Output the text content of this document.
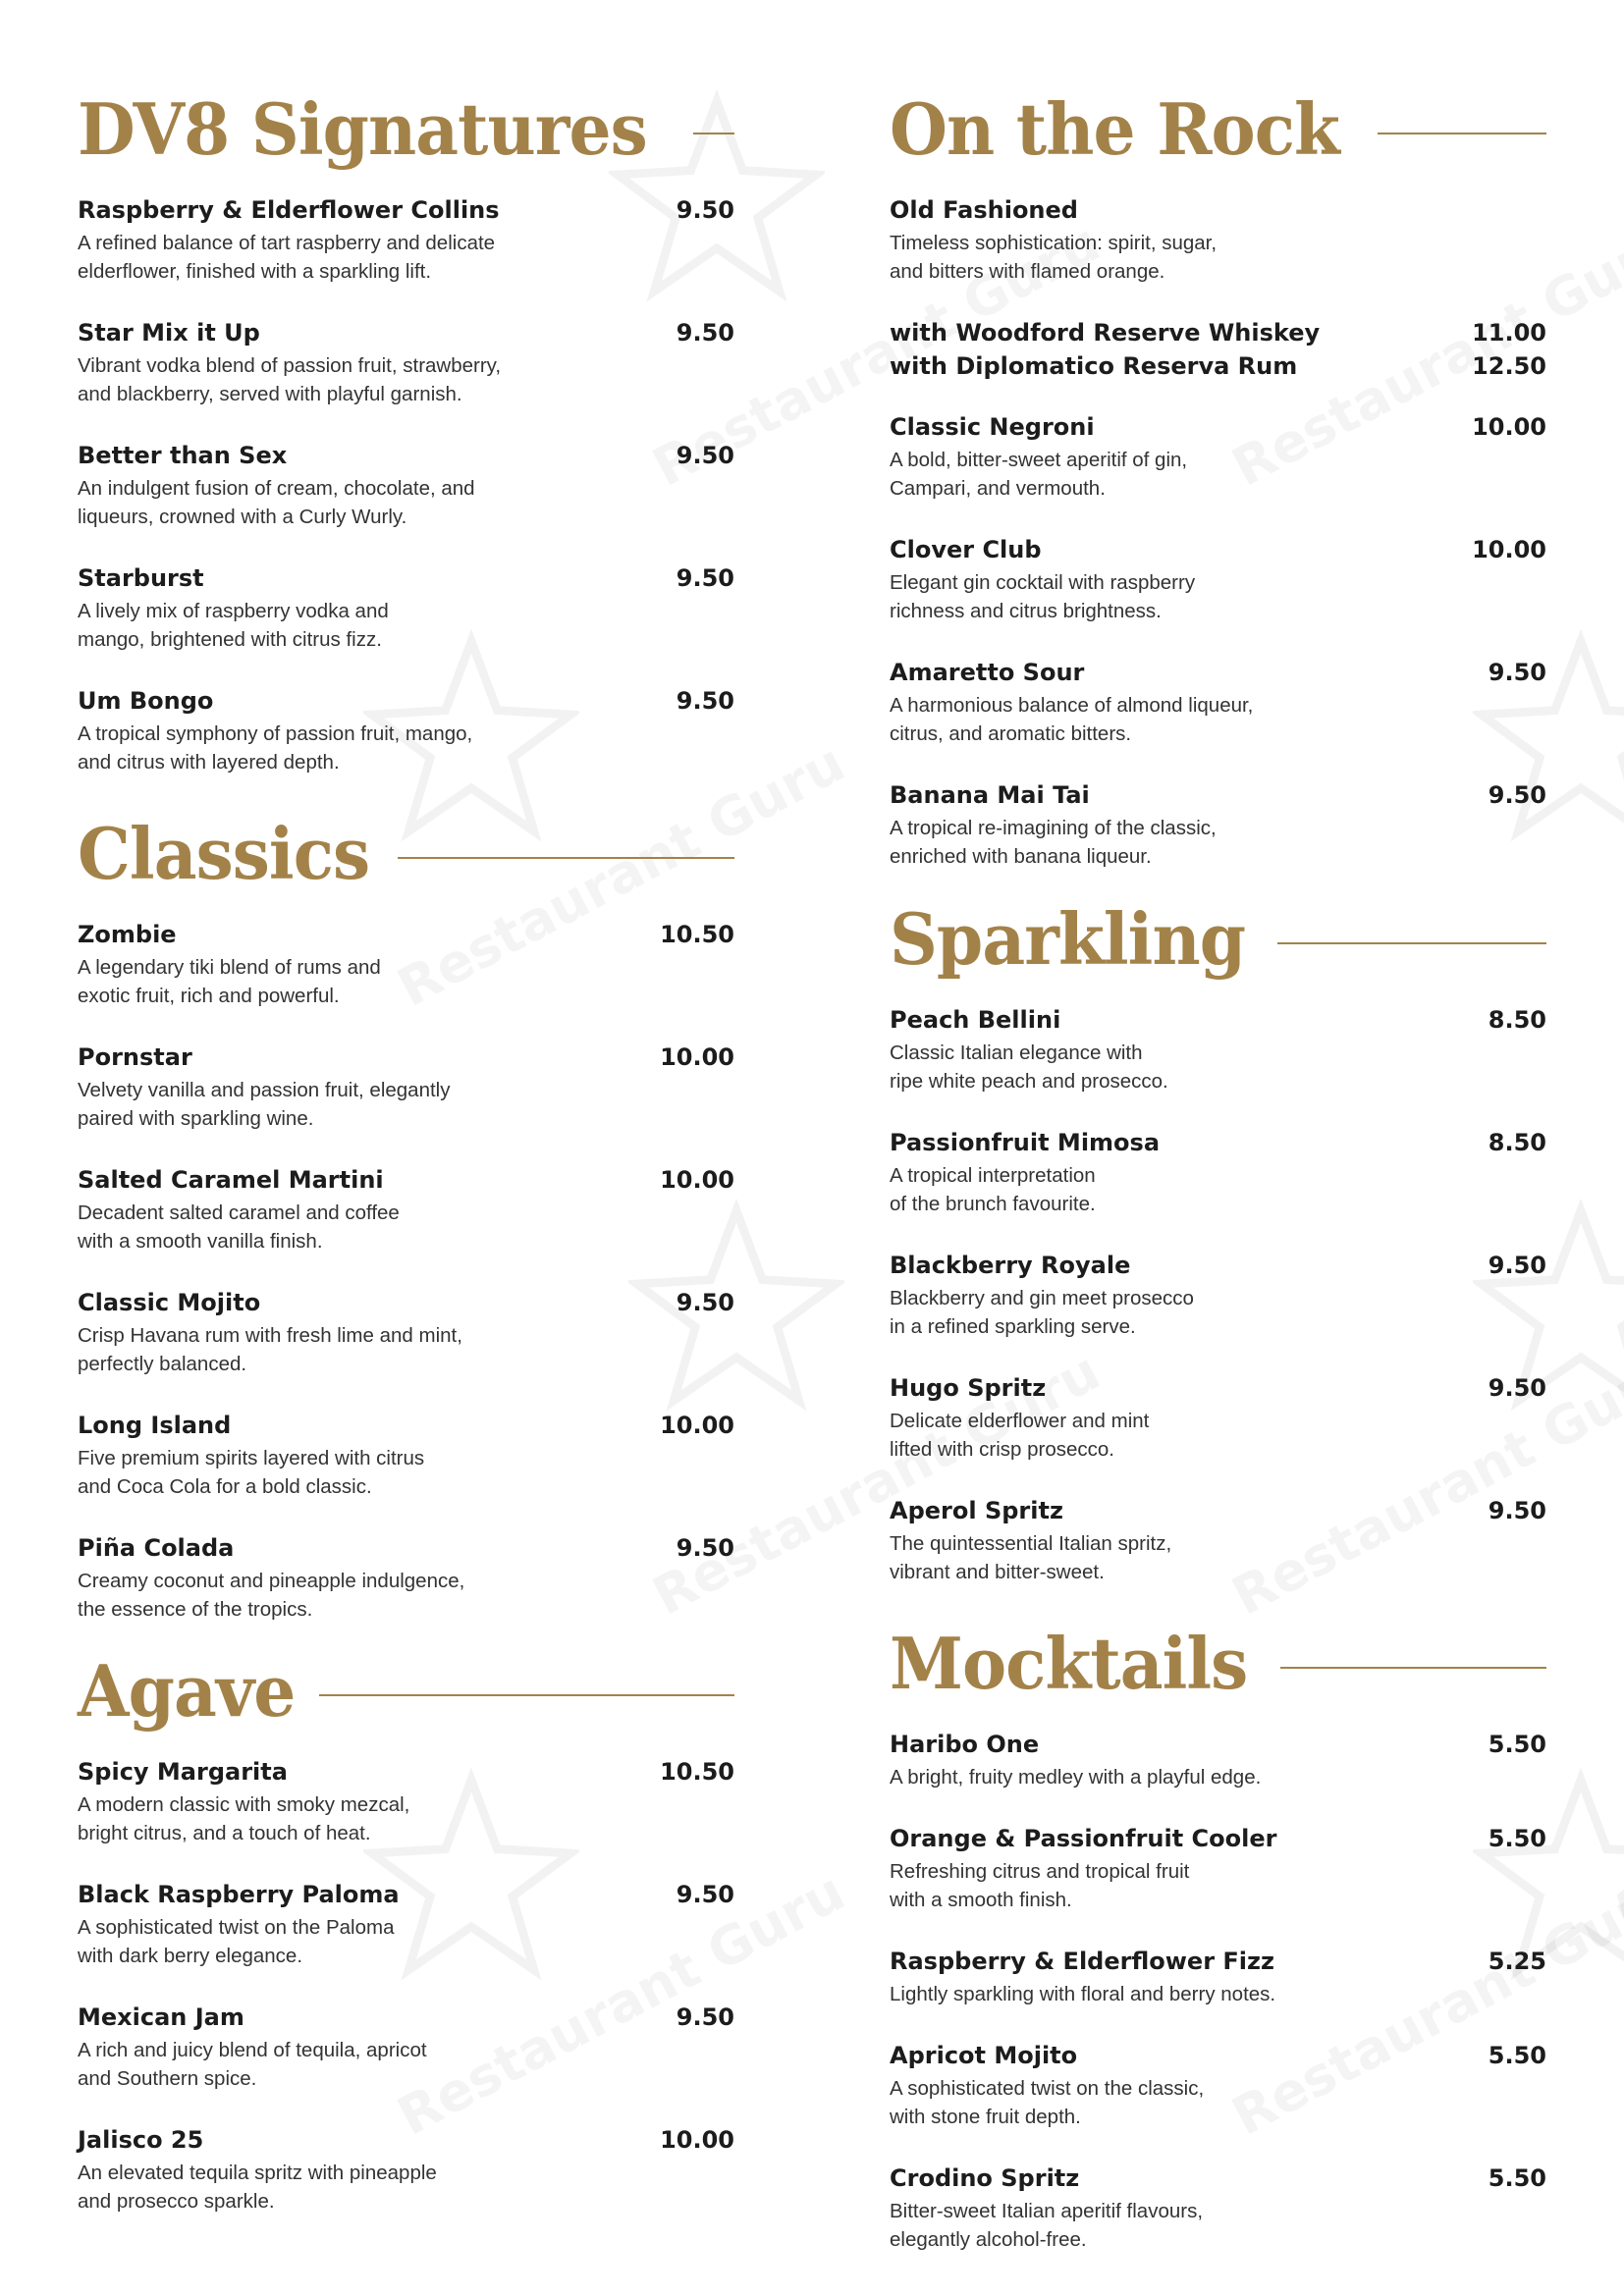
DV8 Signatures
Raspberry & Elderflower Collins	9.50
A refined balance of tart raspberry and delicate
elderflower, finished with a sparkling lift.
Star Mix it Up	9.50
Vibrant vodka blend of passion fruit, strawberry,
and blackberry, served with playful garnish.
Better than Sex	9.50
An indulgent fusion of cream, chocolate, and
liqueurs, crowned with a Curly Wurly.
Starburst	9.50
A lively mix of raspberry vodka and
mango, brightened with citrus fizz.
Um Bongo	9.50
A tropical symphony of passion fruit, mango,
and citrus with layered depth.
Classics
Zombie	10.50
A legendary tiki blend of rums and
exotic fruit, rich and powerful.
Pornstar	10.00
Velvety vanilla and passion fruit, elegantly
paired with sparkling wine.
Salted Caramel Martini	10.00
Decadent salted caramel and coffee
with a smooth vanilla finish.
Classic Mojito	9.50
Crisp Havana rum with fresh lime and mint,
perfectly balanced.
Long Island	10.00
Five premium spirits layered with citrus
and Coca Cola for a bold classic.
Piña Colada	9.50
Creamy coconut and pineapple indulgence,
the essence of the tropics.
Agave
Spicy Margarita	10.50
A modern classic with smoky mezcal,
bright citrus, and a touch of heat.
Black Raspberry Paloma	9.50
A sophisticated twist on the Paloma
with dark berry elegance.
Mexican Jam	9.50
A rich and juicy blend of tequila, apricot
and Southern spice.
Jalisco 25	10.00
An elevated tequila spritz with pineapple
and prosecco sparkle.
On the Rock
Old Fashioned
Timeless sophistication: spirit, sugar,
and bitters with flamed orange.
with Woodford Reserve Whiskey	11.00
with Diplomatico Reserva Rum	12.50
Classic Negroni	10.00
A bold, bitter-sweet aperitif of gin,
Campari, and vermouth.
Clover Club	10.00
Elegant gin cocktail with raspberry
richness and citrus brightness.
Amaretto Sour	9.50
A harmonious balance of almond liqueur,
citrus, and aromatic bitters.
Banana Mai Tai	9.50
A tropical re-imagining of the classic,
enriched with banana liqueur.
Sparkling
Peach Bellini	8.50
Classic Italian elegance with
ripe white peach and prosecco.
Passionfruit Mimosa	8.50
A tropical interpretation
of the brunch favourite.
Blackberry Royale	9.50
Blackberry and gin meet prosecco
in a refined sparkling serve.
Hugo Spritz	9.50
Delicate elderflower and mint
lifted with crisp prosecco.
Aperol Spritz	9.50
The quintessential Italian spritz,
vibrant and bitter-sweet.
Mocktails
Haribo One	5.50
A bright, fruity medley with a playful edge.
Orange & Passionfruit Cooler	5.50
Refreshing citrus and tropical fruit
with a smooth finish.
Raspberry & Elderflower Fizz	5.25
Lightly sparkling with floral and berry notes.
Apricot Mojito	5.50
A sophisticated twist on the classic,
with stone fruit depth.
Crodino Spritz	5.50
Bitter-sweet Italian aperitif flavours,
elegantly alcohol-free.
